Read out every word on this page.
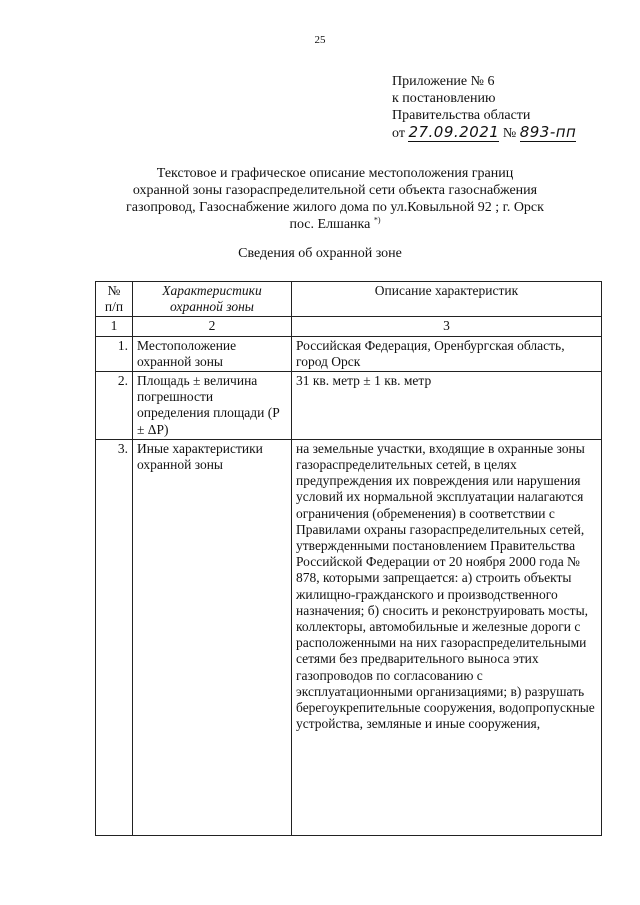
25
Приложение № 6
к постановлению
Правительства области
от 27.09.2021 № 893-пп
Текстовое и графическое описание местоположения границ
охранной зоны газораспределительной сети объекта газоснабжения
газопровод, Газоснабжение жилого дома по ул.Ковыльной 92 ; г. Орск
пос. Елшанка *)
Сведения об охранной зоне
№
п/п	Характеристики охранной зоны	Описание характеристик
1	2	3
1.	Местоположение охранной зоны	Российская Федерация, Оренбургская область, город Орск
2.	Площадь ± величина погрешности определения площади (P ± ΔP)	31 кв. метр ± 1 кв. метр
3.	Иные характеристики охранной зоны	на земельные участки, входящие в охранные зоны газораспределительных сетей, в целях предупреждения их повреждения или нарушения условий их нормальной эксплуатации налагаются ограничения (обременения) в соответствии с Правилами охраны газораспределительных сетей, утвержденными постановлением Правительства Российской Федерации от 20 ноября 2000 года № 878, которыми запрещается: а) строить объекты жилищно-гражданского и производственного назначения; б) сносить и реконструировать мосты, коллекторы, автомобильные и железные дороги с расположенными на них газораспределительными сетями без предварительного выноса этих газопроводов по согласованию с эксплуатационными организациями; в) разрушать берегоукрепительные сооружения, водопропускные устройства, земляные и иные сооружения,
